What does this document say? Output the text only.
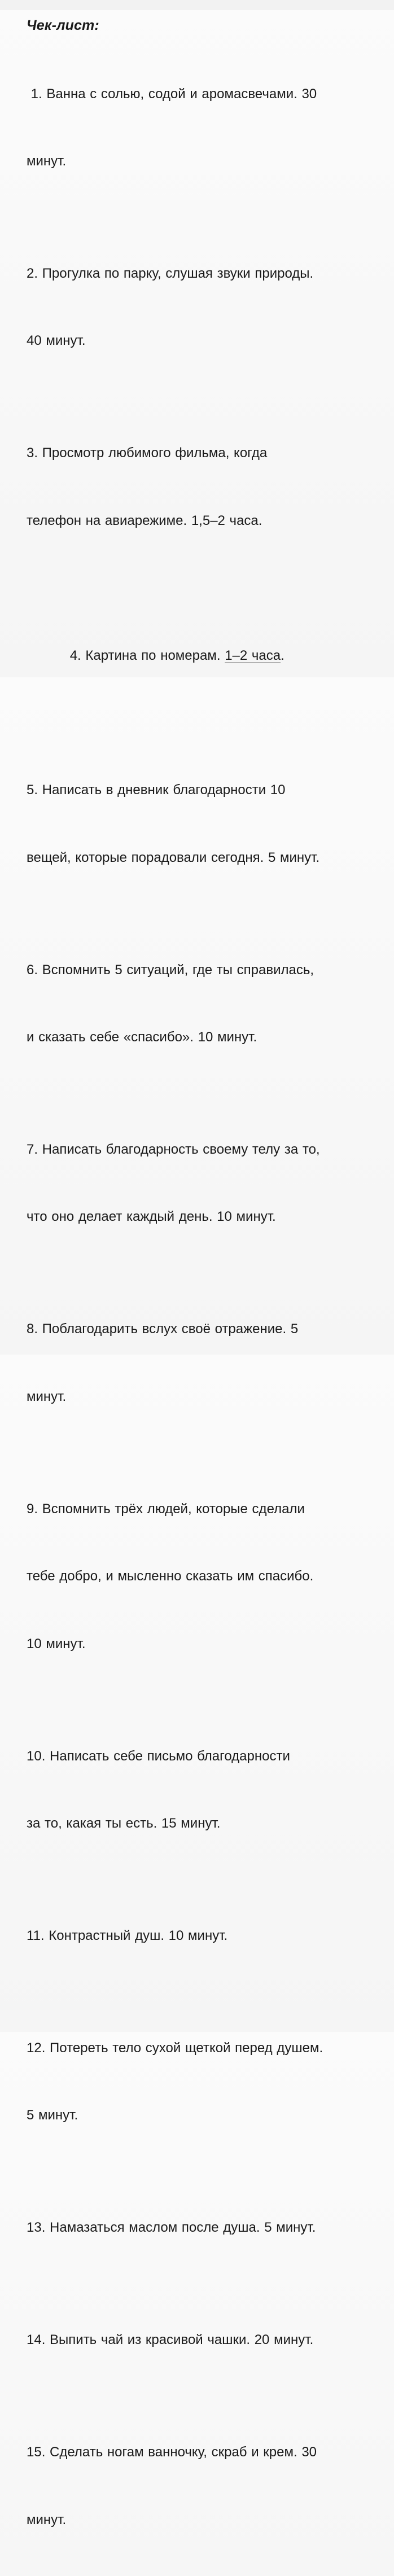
Чек-лист:

1. Ванна с солью, содой и аромасвечами. 30

минут.

2. Прогулка по парку, слушая звуки природы.

40 минут.

3. Просмотр любимого фильма, когда

телефон на авиарежиме. 1,5–2 часа.

4. Картина по номерам. 1–2 часа.

5. Написать в дневник благодарности 10

вещей, которые порадовали сегодня. 5 минут.

6. Вспомнить 5 ситуаций, где ты справилась,

и сказать себе «спасибо». 10 минут.

7. Написать благодарность своему телу за то,

что оно делает каждый день. 10 минут.

8. Поблагодарить вслух своё отражение. 5

минут.

9. Вспомнить трёх людей, которые сделали

тебе добро, и мысленно сказать им спасибо.

10 минут.

10. Написать себе письмо благодарности

за то, какая ты есть. 15 минут.

11. Контрастный душ. 10 минут.

12. Потереть тело сухой щеткой перед душем.

5 минут.

13. Намазаться маслом после душа. 5 минут.

14. Выпить чай из красивой чашки. 20 минут.

15. Сделать ногам ванночку, скраб и крем. 30

минут.
